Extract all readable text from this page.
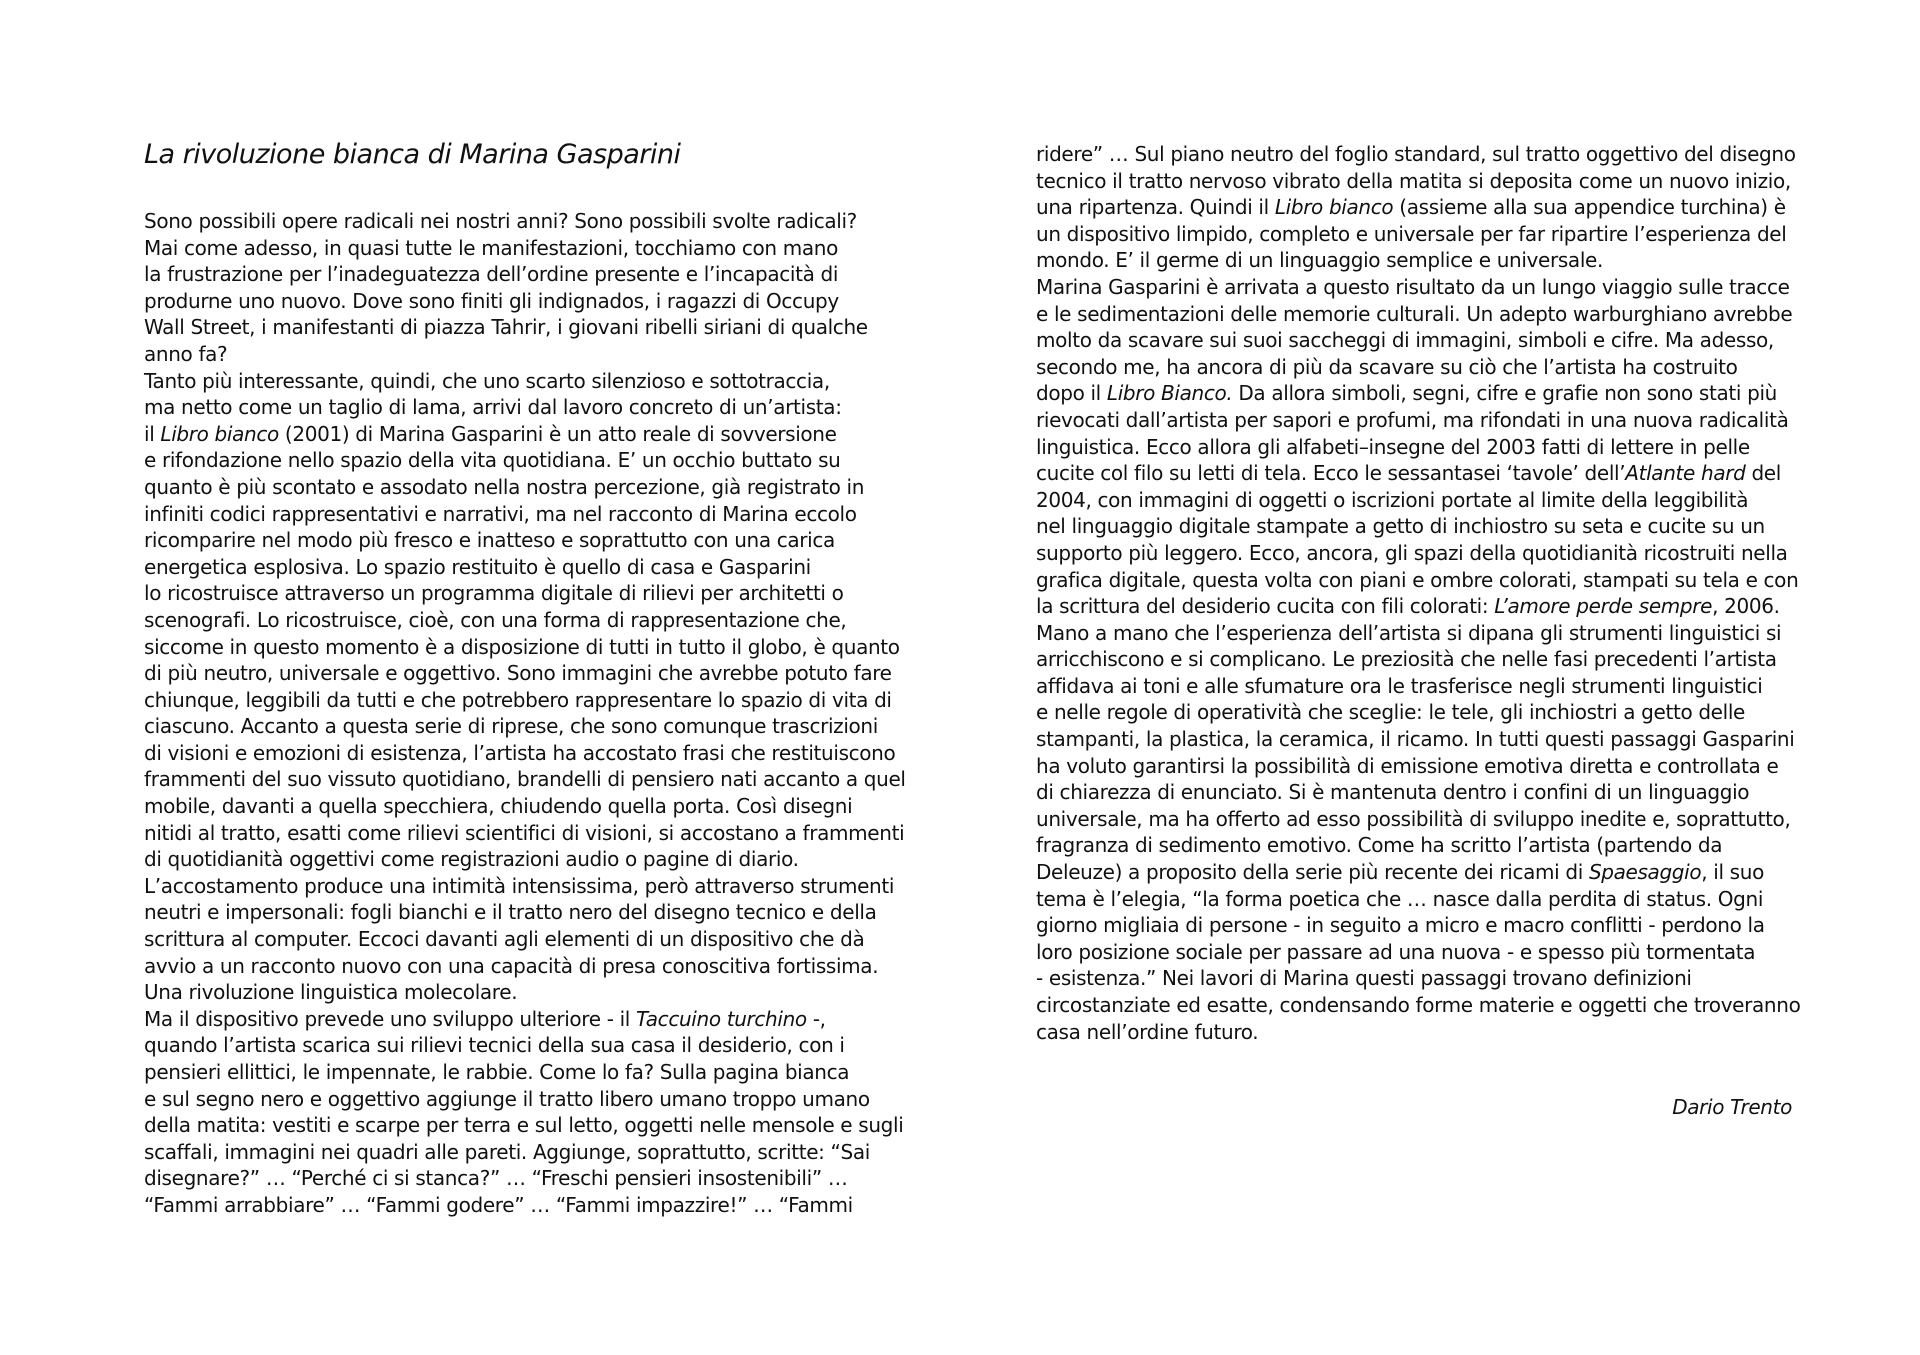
La rivoluzione bianca di Marina Gasparini
Sono possibili opere radicali nei nostri anni? Sono possibili svolte radicali?
Mai come adesso, in quasi tutte le manifestazioni, tocchiamo con mano
la frustrazione per l’inadeguatezza dell’ordine presente e l’incapacità di
produrne uno nuovo. Dove sono finiti gli indignados, i ragazzi di Occupy
Wall Street, i manifestanti di piazza Tahrir, i giovani ribelli siriani di qualche
anno fa?
Tanto più interessante, quindi, che uno scarto silenzioso e sottotraccia,
ma netto come un taglio di lama, arrivi dal lavoro concreto di un’artista:
il Libro bianco (2001) di Marina Gasparini è un atto reale di sovversione
e rifondazione nello spazio della vita quotidiana. E’ un occhio buttato su
quanto è più scontato e assodato nella nostra percezione, già registrato in
infiniti codici rappresentativi e narrativi, ma nel racconto di Marina eccolo
ricomparire nel modo più fresco e inatteso e soprattutto con una carica
energetica esplosiva. Lo spazio restituito è quello di casa e Gasparini
lo ricostruisce attraverso un programma digitale di rilievi per architetti o
scenografi. Lo ricostruisce, cioè, con una forma di rappresentazione che,
siccome in questo momento è a disposizione di tutti in tutto il globo, è quanto
di più neutro, universale e oggettivo. Sono immagini che avrebbe potuto fare
chiunque, leggibili da tutti e che potrebbero rappresentare lo spazio di vita di
ciascuno. Accanto a questa serie di riprese, che sono comunque trascrizioni
di visioni e emozioni di esistenza, l’artista ha accostato frasi che restituiscono
frammenti del suo vissuto quotidiano, brandelli di pensiero nati accanto a quel
mobile, davanti a quella specchiera, chiudendo quella porta. Così disegni
nitidi al tratto, esatti come rilievi scientifici di visioni, si accostano a frammenti
di quotidianità oggettivi come registrazioni audio o pagine di diario.
L’accostamento produce una intimità intensissima, però attraverso strumenti
neutri e impersonali: fogli bianchi e il tratto nero del disegno tecnico e della
scrittura al computer. Eccoci davanti agli elementi di un dispositivo che dà
avvio a un racconto nuovo con una capacità di presa conoscitiva fortissima.
Una rivoluzione linguistica molecolare.
Ma il dispositivo prevede uno sviluppo ulteriore - il Taccuino turchino -,
quando l’artista scarica sui rilievi tecnici della sua casa il desiderio, con i
pensieri ellittici, le impennate, le rabbie. Come lo fa? Sulla pagina bianca
e sul segno nero e oggettivo aggiunge il tratto libero umano troppo umano
della matita: vestiti e scarpe per terra e sul letto, oggetti nelle mensole e sugli
scaffali, immagini nei quadri alle pareti. Aggiunge, soprattutto, scritte: “Sai
disegnare?” … “Perché ci si stanca?” … “Freschi pensieri insostenibili” …
“Fammi arrabbiare” … “Fammi godere” … “Fammi impazzire!” … “Fammi
ridere” … Sul piano neutro del foglio standard, sul tratto oggettivo del disegno
tecnico il tratto nervoso vibrato della matita si deposita come un nuovo inizio,
una ripartenza. Quindi il Libro bianco (assieme alla sua appendice turchina) è
un dispositivo limpido, completo e universale per far ripartire l’esperienza del
mondo. E’ il germe di un linguaggio semplice e universale.
Marina Gasparini è arrivata a questo risultato da un lungo viaggio sulle tracce
e le sedimentazioni delle memorie culturali. Un adepto warburghiano avrebbe
molto da scavare sui suoi saccheggi di immagini, simboli e cifre. Ma adesso,
secondo me, ha ancora di più da scavare su ciò che l’artista ha costruito
dopo il Libro Bianco. Da allora simboli, segni, cifre e grafie non sono stati più
rievocati dall’artista per sapori e profumi, ma rifondati in una nuova radicalità
linguistica. Ecco allora gli alfabeti–insegne del 2003 fatti di lettere in pelle
cucite col filo su letti di tela. Ecco le sessantasei ‘tavole’ dell’Atlante hard del
2004, con immagini di oggetti o iscrizioni portate al limite della leggibilità
nel linguaggio digitale stampate a getto di inchiostro su seta e cucite su un
supporto più leggero. Ecco, ancora, gli spazi della quotidianità ricostruiti nella
grafica digitale, questa volta con piani e ombre colorati, stampati su tela e con
la scrittura del desiderio cucita con fili colorati: L’amore perde sempre, 2006.
Mano a mano che l’esperienza dell’artista si dipana gli strumenti linguistici si
arricchiscono e si complicano. Le preziosità che nelle fasi precedenti l’artista
affidava ai toni e alle sfumature ora le trasferisce negli strumenti linguistici
e nelle regole di operatività che sceglie: le tele, gli inchiostri a getto delle
stampanti, la plastica, la ceramica, il ricamo. In tutti questi passaggi Gasparini
ha voluto garantirsi la possibilità di emissione emotiva diretta e controllata e
di chiarezza di enunciato. Si è mantenuta dentro i confini di un linguaggio
universale, ma ha offerto ad esso possibilità di sviluppo inedite e, soprattutto,
fragranza di sedimento emotivo. Come ha scritto l’artista (partendo da
Deleuze) a proposito della serie più recente dei ricami di Spaesaggio, il suo
tema è l’elegia, “la forma poetica che … nasce dalla perdita di status. Ogni
giorno migliaia di persone - in seguito a micro e macro conflitti - perdono la
loro posizione sociale per passare ad una nuova - e spesso più tormentata
- esistenza.” Nei lavori di Marina questi passaggi trovano definizioni
circostanziate ed esatte, condensando forme materie e oggetti che troveranno
casa nell’ordine futuro.
Dario Trento
